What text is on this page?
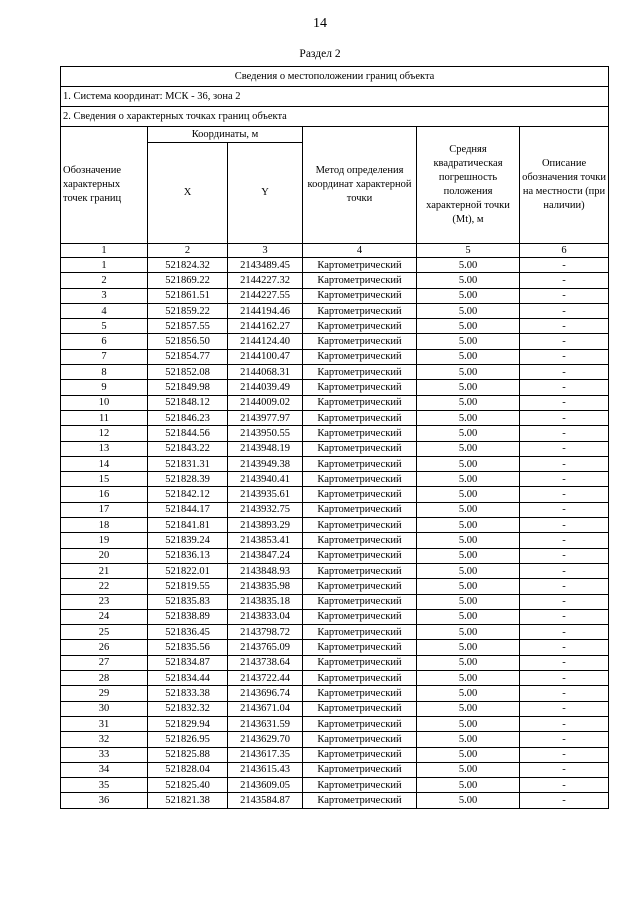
14
Раздел 2
Сведения о местоположении границ объекта					
1. Система координат: МСК - 36, зона 2					
2. Сведения о характерных точках границ объекта					
Обозначение характерных точек границ	Координаты, м		Метод определения координат характерной точки	Средняя квадратическая погрешность положения характерной точки (Mt), м	Описание обозначения точки на местности (при наличии)
	X	Y			
1	2	3	4	5	6
1	521824.32	2143489.45	Картометрический	5.00	-
2	521869.22	2144227.32	Картометрический	5.00	-
3	521861.51	2144227.55	Картометрический	5.00	-
4	521859.22	2144194.46	Картометрический	5.00	-
5	521857.55	2144162.27	Картометрический	5.00	-
6	521856.50	2144124.40	Картометрический	5.00	-
7	521854.77	2144100.47	Картометрический	5.00	-
8	521852.08	2144068.31	Картометрический	5.00	-
9	521849.98	2144039.49	Картометрический	5.00	-
10	521848.12	2144009.02	Картометрический	5.00	-
11	521846.23	2143977.97	Картометрический	5.00	-
12	521844.56	2143950.55	Картометрический	5.00	-
13	521843.22	2143948.19	Картометрический	5.00	-
14	521831.31	2143949.38	Картометрический	5.00	-
15	521828.39	2143940.41	Картометрический	5.00	-
16	521842.12	2143935.61	Картометрический	5.00	-
17	521844.17	2143932.75	Картометрический	5.00	-
18	521841.81	2143893.29	Картометрический	5.00	-
19	521839.24	2143853.41	Картометрический	5.00	-
20	521836.13	2143847.24	Картометрический	5.00	-
21	521822.01	2143848.93	Картометрический	5.00	-
22	521819.55	2143835.98	Картометрический	5.00	-
23	521835.83	2143835.18	Картометрический	5.00	-
24	521838.89	2143833.04	Картометрический	5.00	-
25	521836.45	2143798.72	Картометрический	5.00	-
26	521835.56	2143765.09	Картометрический	5.00	-
27	521834.87	2143738.64	Картометрический	5.00	-
28	521834.44	2143722.44	Картометрический	5.00	-
29	521833.38	2143696.74	Картометрический	5.00	-
30	521832.32	2143671.04	Картометрический	5.00	-
31	521829.94	2143631.59	Картометрический	5.00	-
32	521826.95	2143629.70	Картометрический	5.00	-
33	521825.88	2143617.35	Картометрический	5.00	-
34	521828.04	2143615.43	Картометрический	5.00	-
35	521825.40	2143609.05	Картометрический	5.00	-
36	521821.38	2143584.87	Картометрический	5.00	-
